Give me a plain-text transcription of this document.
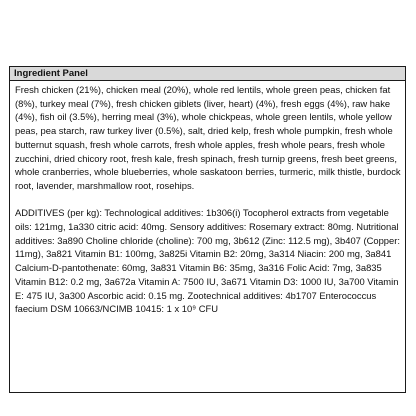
Ingredient Panel

Fresh chicken (21%), chicken meal (20%), whole red lentils, whole green peas, chicken fat (8%), turkey meal (7%), fresh chicken giblets (liver, heart) (4%), fresh eggs (4%), raw hake (4%), fish oil (3.5%), herring meal (3%), whole chickpeas, whole green lentils, whole yellow peas, pea starch, raw turkey liver (0.5%), salt, dried kelp, fresh whole pumpkin, fresh whole butternut squash, fresh whole carrots, fresh whole apples, fresh whole pears, fresh whole zucchini, dried chicory root, fresh kale, fresh spinach, fresh turnip greens, fresh beet greens, whole cranberries, whole blueberries, whole saskatoon berries, turmeric, milk thistle, burdock root, lavender, marshmallow root, rosehips.

ADDITIVES (per kg): Technological additives: 1b306(i) Tocopherol extracts from vegetable oils: 121mg, 1a330 citric acid: 40mg. Sensory additives: Rosemary extract: 80mg. Nutritional additives: 3a890 Choline chloride (choline): 700 mg, 3b612 (Zinc: 112.5 mg), 3b407 (Copper: 11mg), 3a821 Vitamin B1: 100mg, 3a825i Vitamin B2: 20mg, 3a314 Niacin: 200 mg, 3a841 Calcium-D-pantothenate: 60mg, 3a831 Vitamin B6: 35mg, 3a316 Folic Acid: 7mg, 3a835 Vitamin B12: 0.2 mg, 3a672a Vitamin A: 7500 IU, 3a671 Vitamin D3: 1000 IU, 3a700 Vitamin E: 475 IU, 3a300 Ascorbic acid: 0.15 mg. Zootechnical additives: 4b1707 Enterococcus faecium DSM 10663/NCIMB 10415: 1 x 10⁹ CFU
